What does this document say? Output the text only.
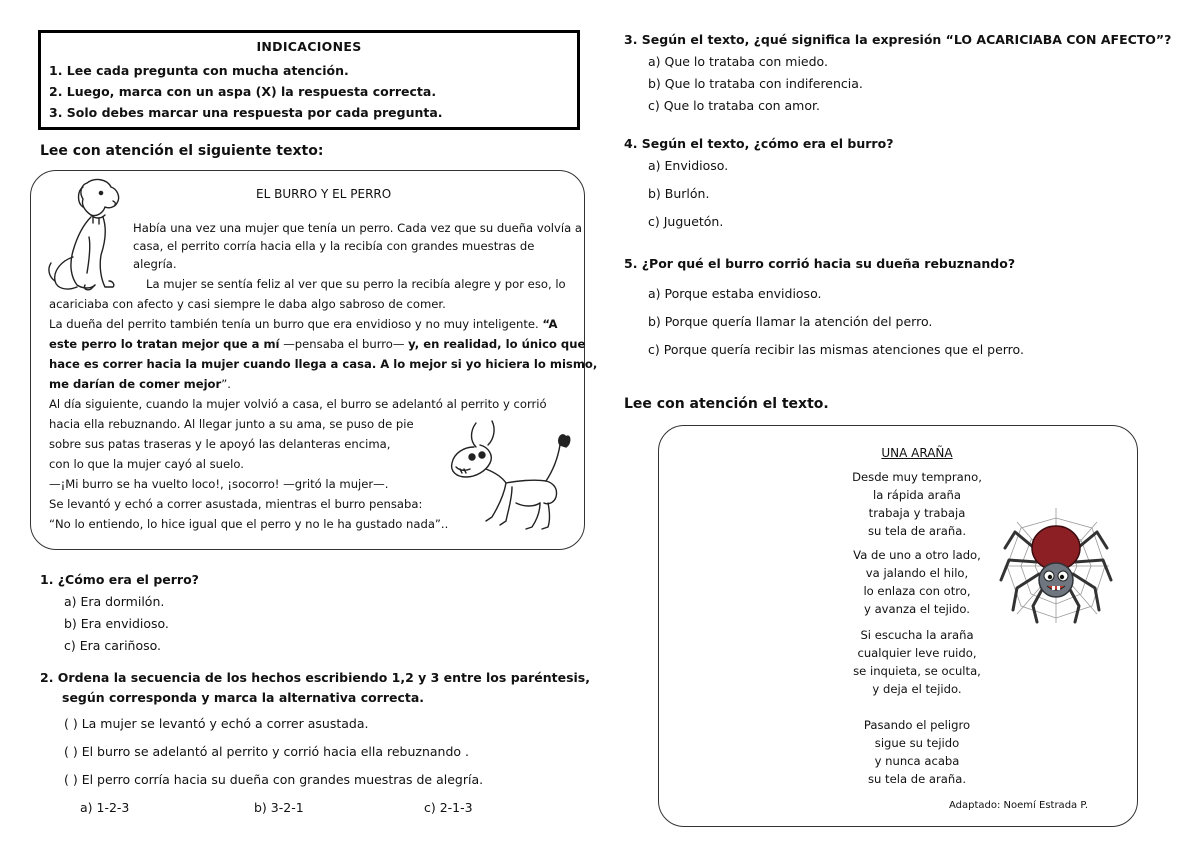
INDICACIONES
1. Lee cada pregunta con mucha atención.
2. Luego, marca con un aspa (X) la respuesta correcta.
3. Solo debes marcar una respuesta por cada pregunta.
Lee con atención el siguiente texto:
EL BURRO Y EL PERRO
Había una vez una mujer que tenía un perro. Cada vez que su dueña volvía a
casa, el perrito corría hacia ella y la recibía con grandes muestras de
alegría.
La mujer se sentía feliz al ver que su perro la recibía alegre y por eso, lo
acariciaba con afecto y casi siempre le daba algo sabroso de comer.
La dueña del perrito también tenía un burro que era envidioso y no muy inteligente. “A
este perro lo tratan mejor que a mí —pensaba el burro— y, en realidad, lo único que
hace es correr hacia la mujer cuando llega a casa. A lo mejor si yo hiciera lo mismo,
me darían de comer mejor”.
Al día siguiente, cuando la mujer volvió a casa, el burro se adelantó al perrito y corrió
hacia ella rebuznando. Al llegar junto a su ama, se puso de pie
sobre sus patas traseras y le apoyó las delanteras encima,
con lo que la mujer cayó al suelo.
—¡Mi burro se ha vuelto loco!, ¡socorro! —gritó la mujer—.
Se levantó y echó a correr asustada, mientras el burro pensaba:
“No lo entiendo, lo hice igual que el perro y no le ha gustado nada”..
1. ¿Cómo era el perro?
a) Era dormilón.
b) Era envidioso.
c) Era cariñoso.
2. Ordena la secuencia de los hechos escribiendo 1,2 y 3 entre los paréntesis,
según corresponda y marca la alternativa correcta.
( ) La mujer se levantó y echó a correr asustada.
( ) El burro se adelantó al perrito y corrió hacia ella rebuznando .
( ) El perro corría hacia su dueña con grandes muestras de alegría.
a) 1-2-3	b) 3-2-1	c) 2-1-3
3. Según el texto, ¿qué significa la expresión “LO ACARICIABA CON AFECTO”?
a) Que lo trataba con miedo.
b) Que lo trataba con indiferencia.
c) Que lo trataba con amor.
4. Según el texto, ¿cómo era el burro?
a) Envidioso.
b) Burlón.
c) Juguetón.
5. ¿Por qué el burro corrió hacia su dueña rebuznando?
a) Porque estaba envidioso.
b) Porque quería llamar la atención del perro.
c) Porque quería recibir las mismas atenciones que el perro.
Lee con atención el texto.
UNA ARAÑA
Desde muy temprano,
la rápida araña
trabaja y trabaja
su tela de araña.
Va de uno a otro lado,
va jalando el hilo,
lo enlaza con otro,
y avanza el tejido.
Si escucha la araña
cualquier leve ruido,
se inquieta, se oculta,
y deja el tejido.
Pasando el peligro
sigue su tejido
y nunca acaba
su tela de araña.
Adaptado: Noemí Estrada P.
